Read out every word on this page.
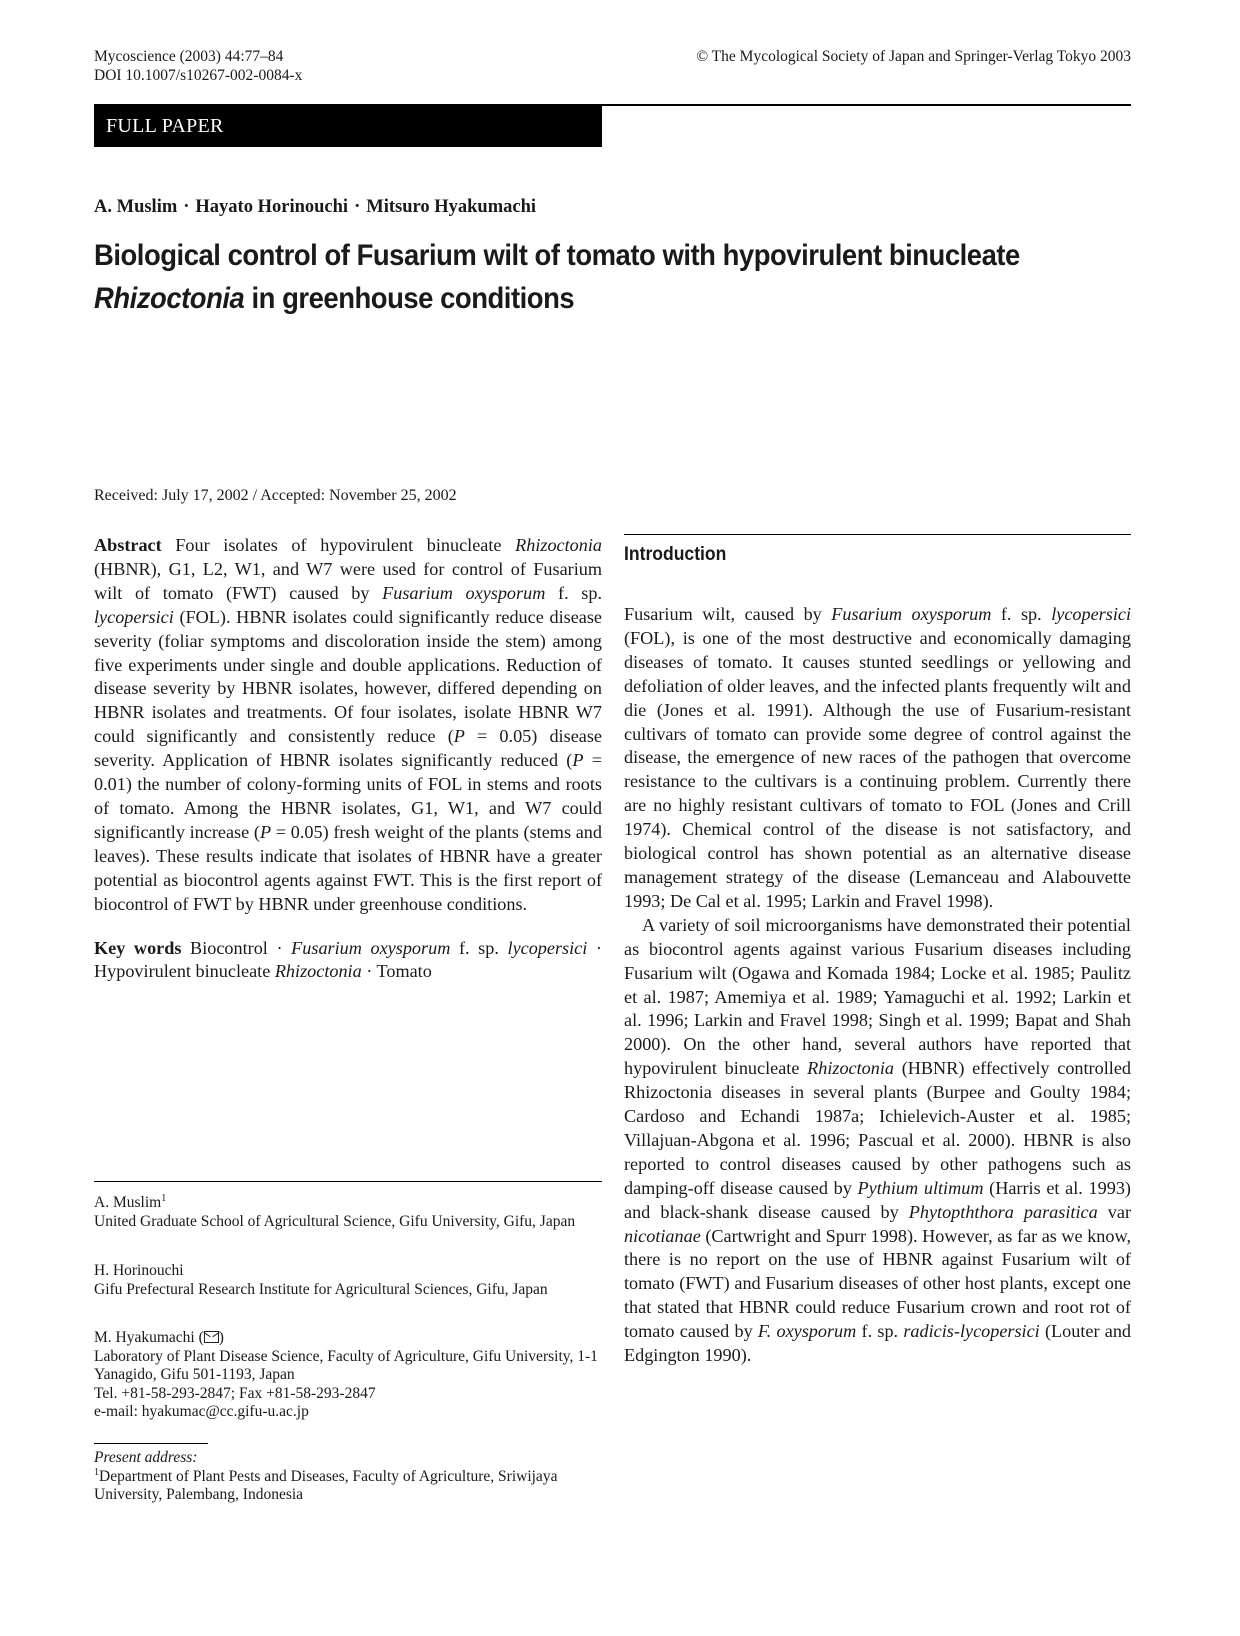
Mycoscience (2003) 44:77–84
DOI 10.1007/s10267-002-0084-x
© The Mycological Society of Japan and Springer-Verlag Tokyo 2003
FULL PAPER
A. Muslim · Hayato Horinouchi · Mitsuro Hyakumachi
Biological control of Fusarium wilt of tomato with hypovirulent binucleate
Rhizoctonia in greenhouse conditions
Received: July 17, 2002 / Accepted: November 25, 2002

Abstract Four isolates of hypovirulent binucleate Rhizoctonia (HBNR), G1, L2, W1, and W7 were used for control of Fusarium wilt of tomato (FWT) caused by Fusarium oxysporum f. sp. lycopersici (FOL). HBNR isolates could significantly reduce disease severity (foliar symptoms and discoloration inside the stem) among five experiments under single and double applications. Reduction of disease severity by HBNR isolates, however, differed depending on HBNR isolates and treatments. Of four isolates, isolate HBNR W7 could significantly and consistently reduce (P = 0.05) disease severity. Application of HBNR isolates significantly reduced (P = 0.01) the number of colony-forming units of FOL in stems and roots of tomato. Among the HBNR isolates, G1, W1, and W7 could significantly increase (P = 0.05) fresh weight of the plants (stems and leaves). These results indicate that isolates of HBNR have a greater potential as biocontrol agents against FWT. This is the first report of biocontrol of FWT by HBNR under greenhouse conditions.

Key words Biocontrol · Fusarium oxysporum f. sp. lycopersici · Hypovirulent binucleate Rhizoctonia · Tomato

A. Muslim$^1$

United Graduate School of Agricultural Science, Gifu University, Gifu, Japan

H. Horinouchi

Gifu Prefectural Research Institute for Agricultural Sciences, Gifu, Japan

M. Hyakumachi ( )

Laboratory of Plant Disease Science, Faculty of Agriculture, Gifu University, 1-1 Yanagido, Gifu 501-1193, Japan

Tel. +81-58-293-2847; Fax +81-58-293-2847

e-mail: hyakumac@cc.gifu-u.ac.jp

Present address:

$^1$Department of Plant Pests and Diseases, Faculty of Agriculture, Sriwijaya University, Palembang, Indonesia

Introduction

Fusarium wilt, caused by Fusarium oxysporum f. sp. lycopersici (FOL), is one of the most destructive and economically damaging diseases of tomato. It causes stunted seedlings or yellowing and defoliation of older leaves, and the infected plants frequently wilt and die (Jones et al. 1991). Although the use of Fusarium-resistant cultivars of tomato can provide some degree of control against the disease, the emergence of new races of the pathogen that overcome resistance to the cultivars is a continuing problem. Currently there are no highly resistant cultivars of tomato to FOL (Jones and Crill 1974). Chemical control of the disease is not satisfactory, and biological control has shown potential as an alternative disease management strategy of the disease (Lemanceau and Alabouvette 1993; De Cal et al. 1995; Larkin and Fravel 1998).

A variety of soil microorganisms have demonstrated their potential as biocontrol agents against various Fusarium diseases including Fusarium wilt (Ogawa and Komada 1984; Locke et al. 1985; Paulitz et al. 1987; Amemiya et al. 1989; Yamaguchi et al. 1992; Larkin et al. 1996; Larkin and Fravel 1998; Singh et al. 1999; Bapat and Shah 2000). On the other hand, several authors have reported that hypovirulent binucleate Rhizoctonia (HBNR) effectively controlled Rhizoctonia diseases in several plants (Burpee and Goulty 1984; Cardoso and Echandi 1987a; Ichielevich-Auster et al. 1985; Villajuan-Abgona et al. 1996; Pascual et al. 2000). HBNR is also reported to control diseases caused by other pathogens such as damping-off disease caused by Pythium ultimum (Harris et al. 1993) and black-shank disease caused by Phytopththora parasitica var nicotianae (Cartwright and Spurr 1998). However, as far as we know, there is no report on the use of HBNR against Fusarium wilt of tomato (FWT) and Fusarium diseases of other host plants, except one that stated that HBNR could reduce Fusarium crown and root rot of tomato caused by F. oxysporum f. sp. radicis-lycopersici (Louter and Edgington 1990).
